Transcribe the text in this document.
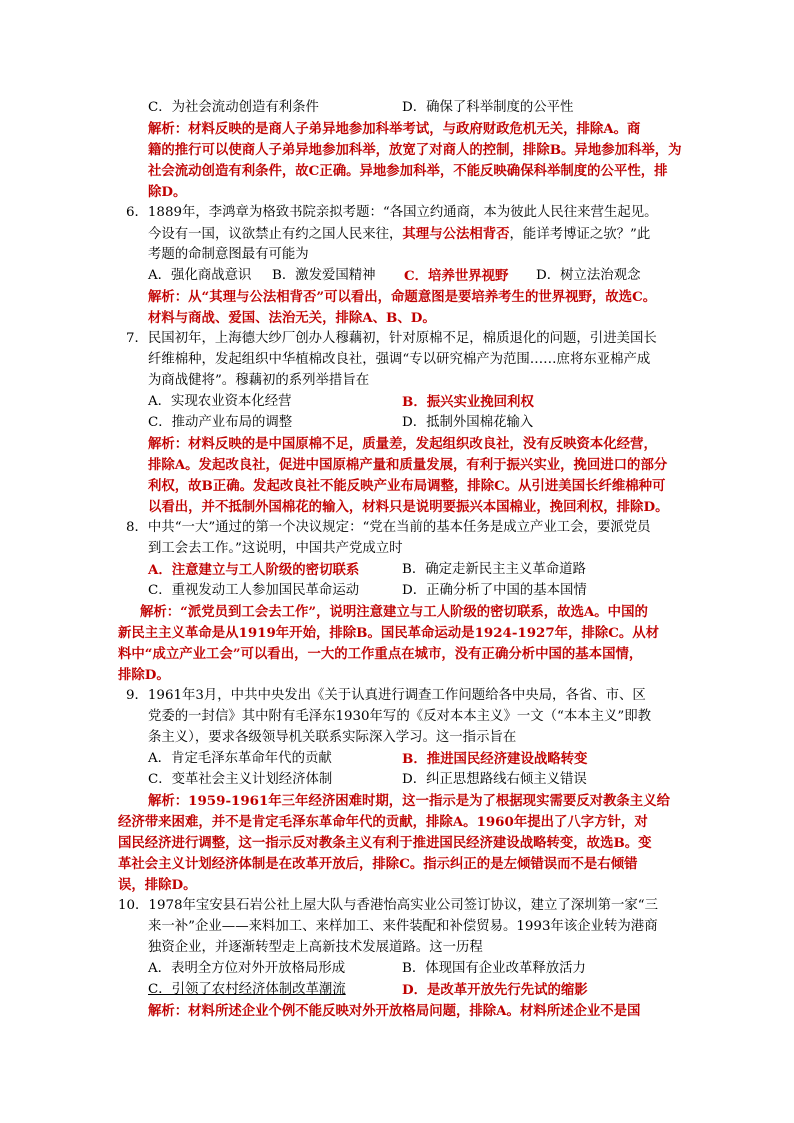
C．为社会流动创造有利条件	D．确保了科举制度的公平性
解析：材料反映的是商人子弟异地参加科举考试，与政府财政危机无关，排除A。商
籍的推行可以使商人子弟异地参加科举，放宽了对商人的控制，排除B。异地参加科举，为
社会流动创造有利条件，故C正确。异地参加科举，不能反映确保科举制度的公平性，排
除D。
6．1889年，李鸿章为格致书院亲拟考题：“各国立约通商，本为彼此人民往来营生起见。
今设有一国，议欲禁止有约之国人民来往，其理与公法相背否，能详考博证之欤？”此
考题的命制意图最有可能为
A．强化商战意识 B．激发爱国精神 C．培养世界视野 D．树立法治观念
解析：从“其理与公法相背否”可以看出，命题意图是要培养考生的世界视野，故选C。
材料与商战、爱国、法治无关，排除A、B、D。
7．民国初年，上海德大纱厂创办人穆藕初，针对原棉不足，棉质退化的问题，引进美国长
纤维棉种，发起组织中华植棉改良社，强调“专以研究棉产为范围……庶将东亚棉产成
为商战健将”。穆藕初的系列举措旨在
A．实现农业资本化经营	B．振兴实业挽回利权
C．推动产业布局的调整	D．抵制外国棉花输入
解析：材料反映的是中国原棉不足，质量差，发起组织改良社，没有反映资本化经营，
排除A。发起改良社，促进中国原棉产量和质量发展，有利于振兴实业，挽回进口的部分
利权，故B正确。发起改良社不能反映产业布局调整，排除C。从引进美国长纤维棉种可
以看出，并不抵制外国棉花的输入，材料只是说明要振兴本国棉业，挽回利权，排除D。
8．中共“一大”通过的第一个决议规定：“党在当前的基本任务是成立产业工会，要派党员
到工会去工作。”这说明，中国共产党成立时
A．注意建立与工人阶级的密切联系	B．确定走新民主主义革命道路
C．重视发动工人参加国民革命运动	D．正确分析了中国的基本国情
解析：“派党员到工会去工作”，说明注意建立与工人阶级的密切联系，故选A。中国的
新民主主义革命是从1919年开始，排除B。国民革命运动是1924-1927年，排除C。从材
料中“成立产业工会”可以看出，一大的工作重点在城市，没有正确分析中国的基本国情，
排除D。
9．1961年3月，中共中央发出《关于认真进行调查工作问题给各中央局，各省、市、区
党委的一封信》其中附有毛泽东1930年写的《反对本本主义》一文（“本本主义”即教
条主义），要求各级领导机关联系实际深入学习。这一指示旨在
A．肯定毛泽东革命年代的贡献	B．推进国民经济建设战略转变
C．变革社会主义计划经济体制	D．纠正思想路线右倾主义错误
解析：1959-1961年三年经济困难时期，这一指示是为了根据现实需要反对教条主义给
经济带来困难，并不是肯定毛泽东革命年代的贡献，排除A。1960年提出了八字方针，对
国民经济进行调整，这一指示反对教条主义有利于推进国民经济建设战略转变，故选B。变
革社会主义计划经济体制是在改革开放后，排除C。指示纠正的是左倾错误而不是右倾错
误，排除D。
10．1978年宝安县石岩公社上屋大队与香港怡高实业公司签订协议，建立了深圳第一家“三
来一补”企业——来料加工、来样加工、来件装配和补偿贸易。1993年该企业转为港商
独资企业，并逐渐转型走上高新技术发展道路。这一历程
A．表明全方位对外开放格局形成	B．体现国有企业改革释放活力
C．引领了农村经济体制改革潮流	D．是改革开放先行先试的缩影
解析：材料所述企业个例不能反映对外开放格局问题，排除A。材料所述企业不是国
